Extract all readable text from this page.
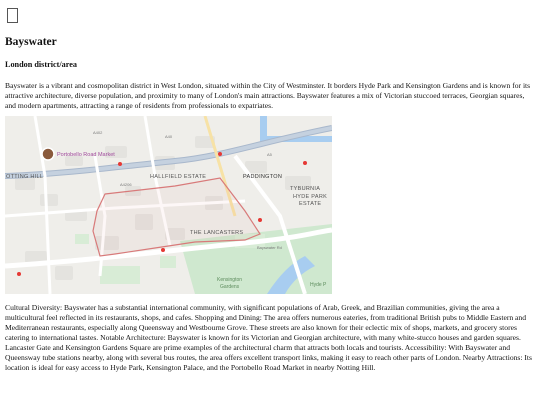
Bayswater
London district/area

Bayswater is a vibrant and cosmopolitan district in West London, situated within the City of Westminster. It borders Hyde Park and Kensington Gardens and is known for its attractive architecture, diverse population, and proximity to many of London's main attractions. Bayswater features a mix of Victorian stuccoed terraces, Georgian squares, and modern apartments, attracting a range of residents from professionals to expatriates.

Portobello Road Market
OTTING HILL	HALLFIELD ESTATE	PADDINGTON
TYBURNIA
HYDE PARK
ESTATE
THE LANCASTERS
Kensington
Gardens	Hyde P
Bayswater Rd
A402
A40
A4206
A5

Cultural Diversity: Bayswater has a substantial international community, with significant populations of Arab, Greek, and Brazilian communities, giving the area a multicultural feel reflected in its restaurants, shops, and cafes. Shopping and Dining: The area offers numerous eateries, from traditional British pubs to Middle Eastern and Mediterranean restaurants, especially along Queensway and Westbourne Grove. These streets are also known for their eclectic mix of shops, markets, and grocery stores catering to international tastes. Notable Architecture: Bayswater is known for its Victorian and Georgian architecture, with many white-stucco houses and garden squares. Lancaster Gate and Kensington Gardens Square are prime examples of the architectural charm that attracts both locals and tourists. Accessibility: With Bayswater and Queensway tube stations nearby, along with several bus routes, the area offers excellent transport links, making it easy to reach other parts of London. Nearby Attractions: Its location is ideal for easy access to Hyde Park, Kensington Palace, and the Portobello Road Market in nearby Notting Hill.
